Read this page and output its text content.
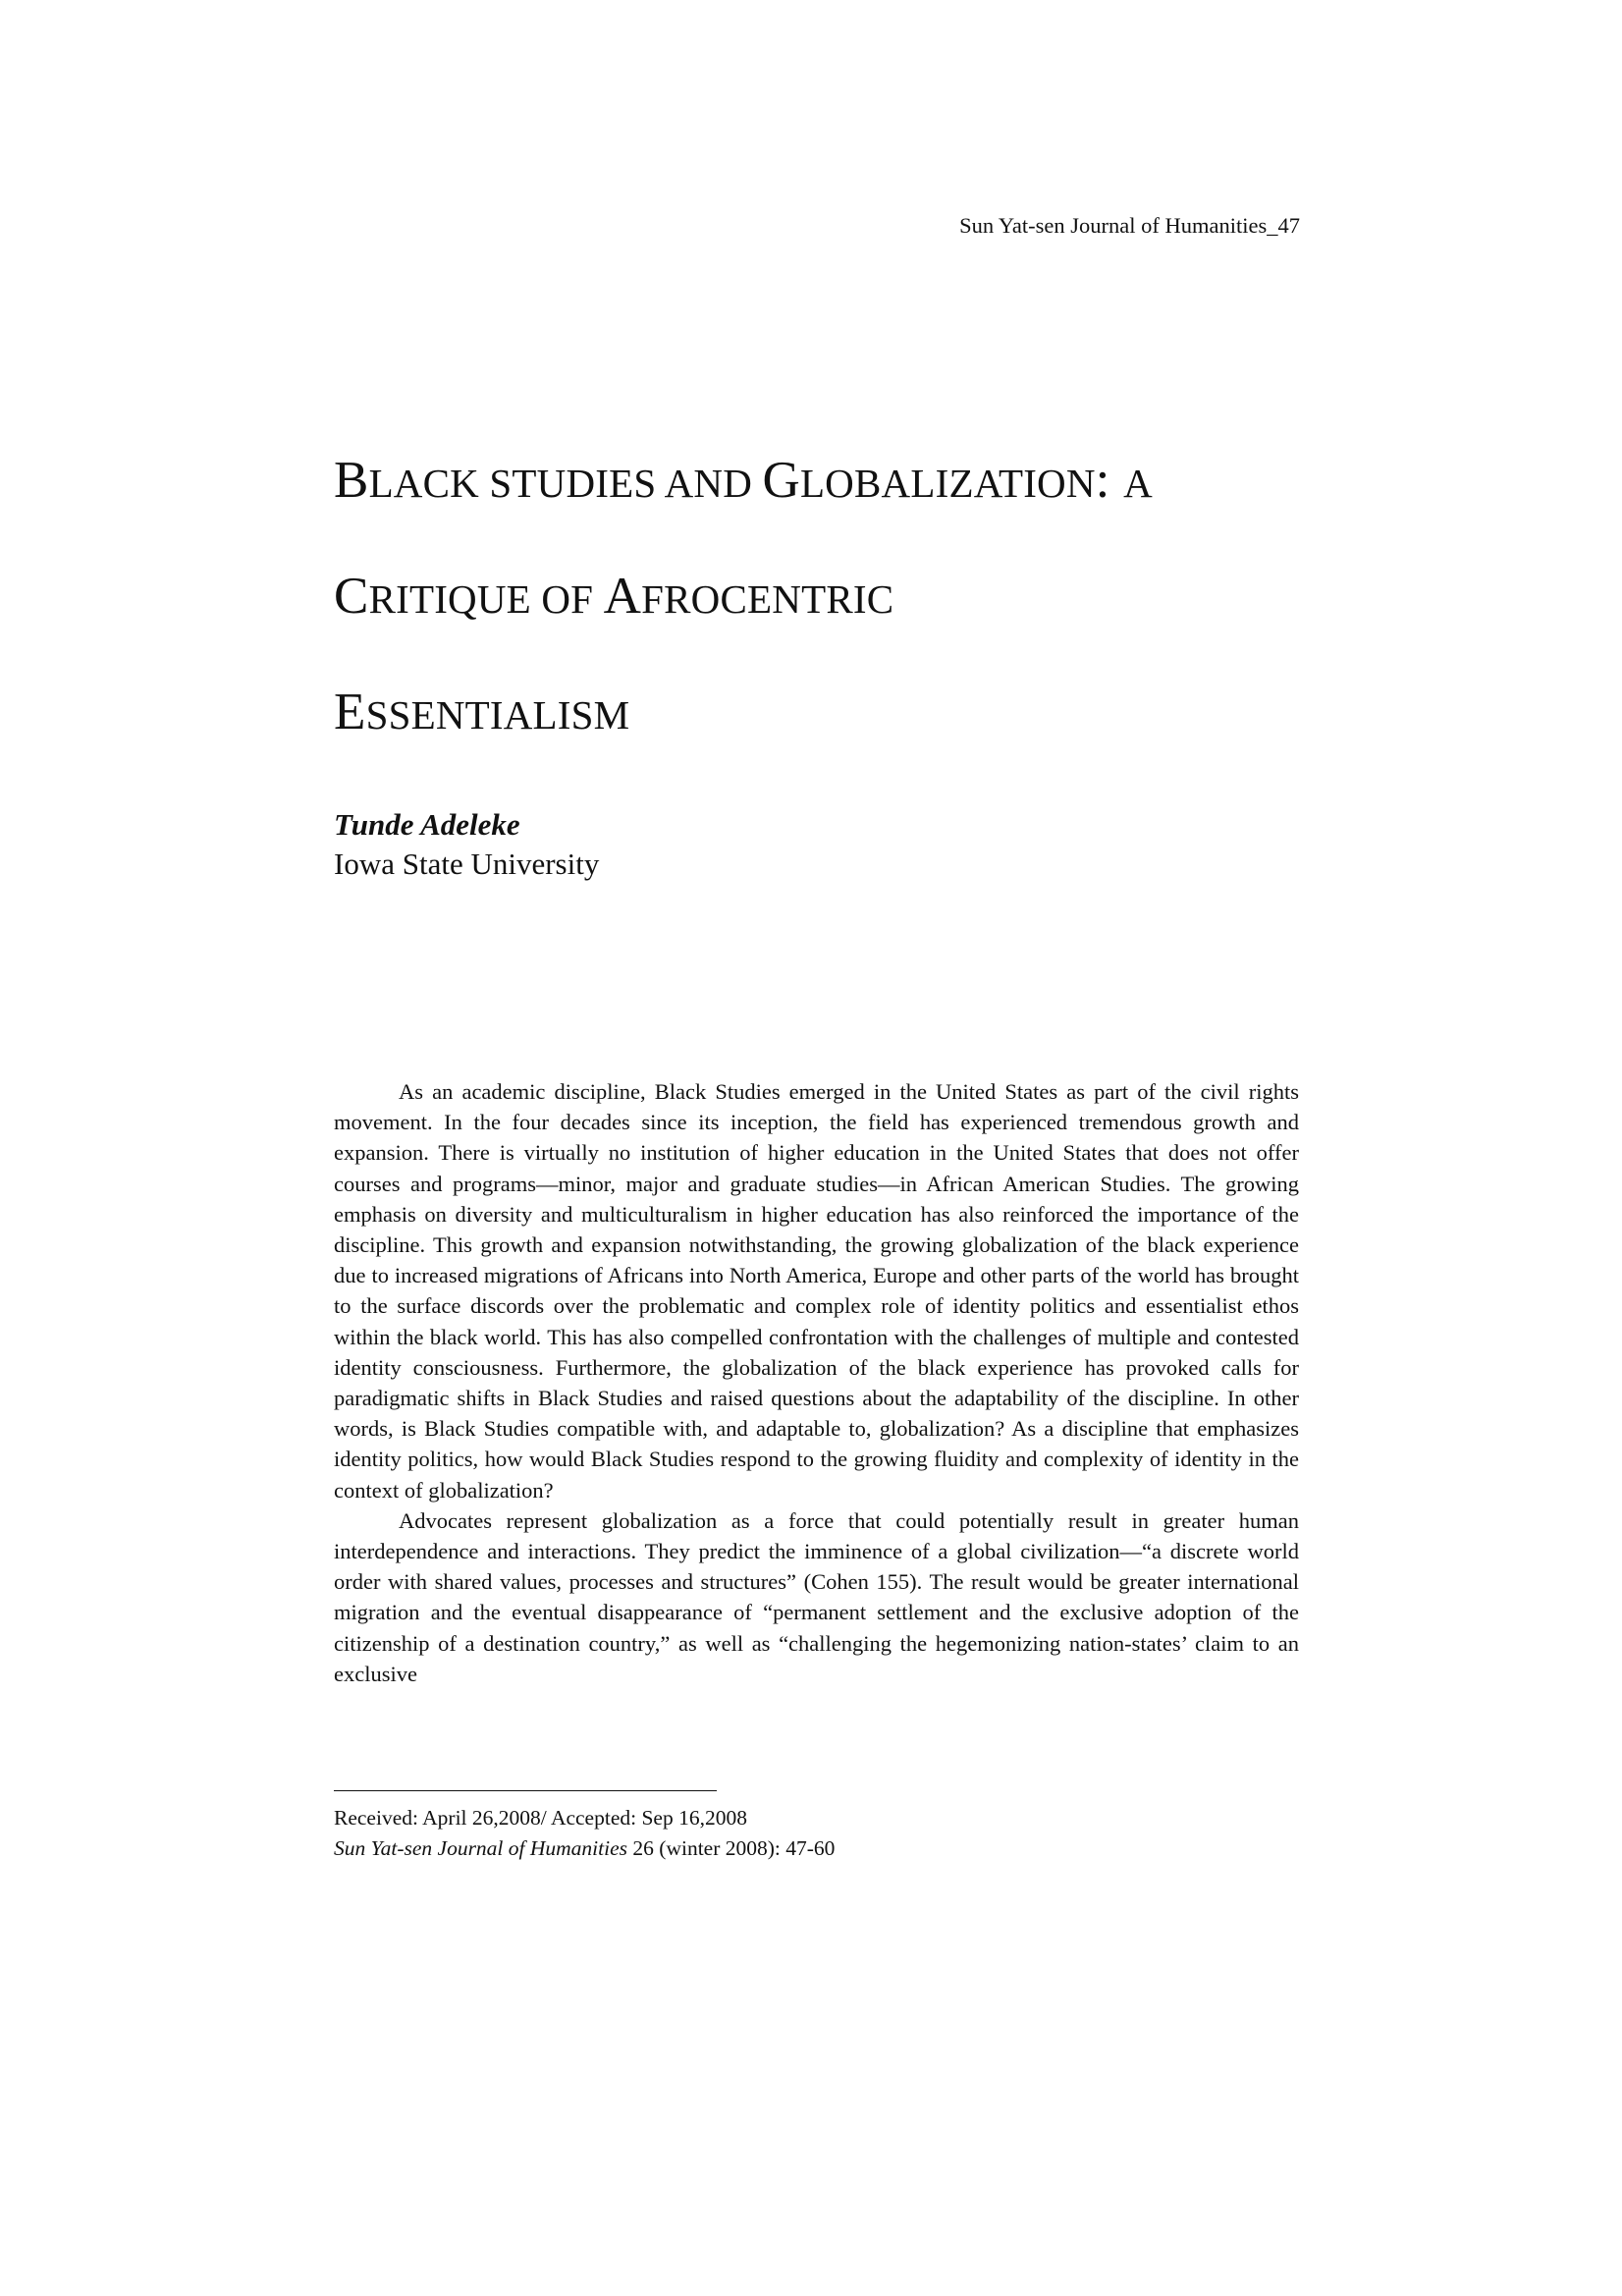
Sun Yat-sen Journal of Humanities_47
BLACK STUDIES AND GLOBALIZATION: A
CRITIQUE OF AFROCENTRIC
ESSENTIALISM
Tunde Adeleke
Iowa State University

As an academic discipline, Black Studies emerged in the United States as part of the civil rights movement. In the four decades since its inception, the field has experienced tremendous growth and expansion. There is virtually no institution of higher education in the United States that does not offer courses and programs—minor, major and graduate studies—in African American Studies. The growing emphasis on diversity and multiculturalism in higher education has also reinforced the importance of the discipline. This growth and expansion notwithstanding, the growing globalization of the black experience due to increased migrations of Africans into North America, Europe and other parts of the world has brought to the surface discords over the problematic and complex role of identity politics and essentialist ethos within the black world. This has also compelled confrontation with the challenges of multiple and contested identity consciousness. Furthermore, the globalization of the black experience has provoked calls for paradigmatic shifts in Black Studies and raised questions about the adaptability of the discipline. In other words, is Black Studies compatible with, and adaptable to, globalization? As a discipline that emphasizes identity politics, how would Black Studies respond to the growing fluidity and complexity of identity in the context of globalization?

Advocates represent globalization as a force that could potentially result in greater human interdependence and interactions. They predict the imminence of a global civilization—“a discrete world order with shared values, processes and structures” (Cohen 155). The result would be greater international migration and the eventual disappearance of “permanent settlement and the exclusive adoption of the citizenship of a destination country,” as well as “challenging the hegemonizing nation-states’ claim to an exclusive

Received: April 26,2008/ Accepted: Sep 16,2008
Sun Yat-sen Journal of Humanities 26 (winter 2008): 47-60
